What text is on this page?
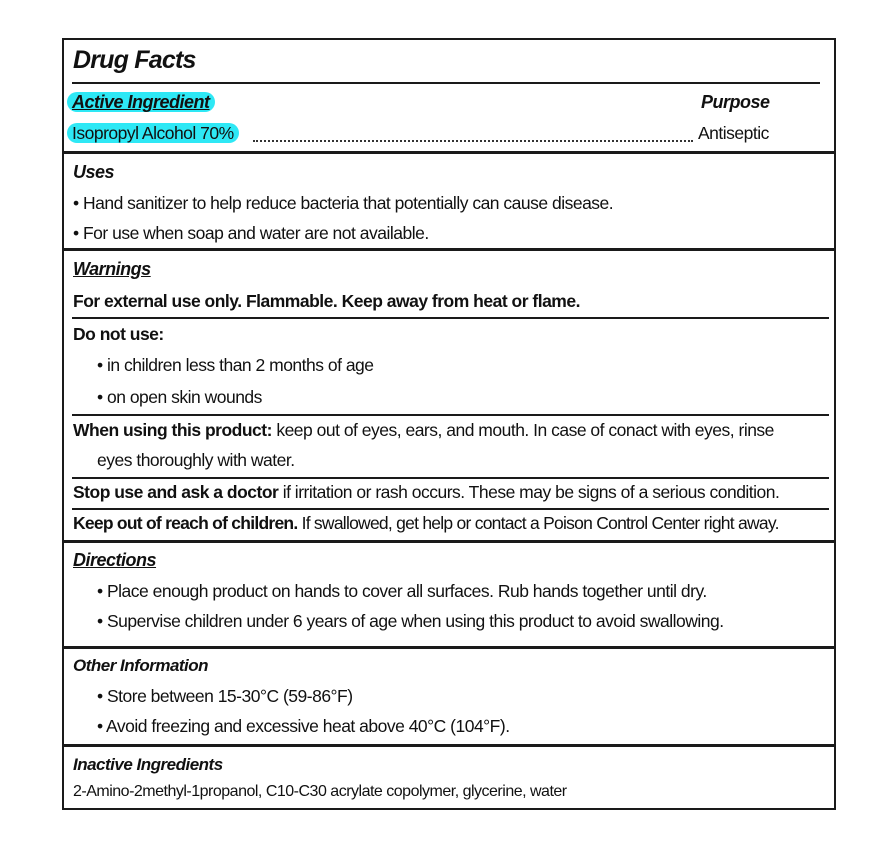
Drug Facts
Active Ingredient	Purpose
Isopropyl Alcohol 70%	Antiseptic
Uses
• Hand sanitizer to help reduce bacteria that potentially can cause disease.
• For use when soap and water are not available.
Warnings
For external use only. Flammable. Keep away from heat or flame.
Do not use:
• in children less than 2 months of age
• on open skin wounds
When using this product: keep out of eyes, ears, and mouth. In case of conact with eyes, rinse
eyes thoroughly with water.
Stop use and ask a doctor if irritation or rash occurs. These may be signs of a serious condition.
Keep out of reach of children. If swallowed, get help or contact a Poison Control Center right away.
Directions
• Place enough product on hands to cover all surfaces. Rub hands together until dry.
• Supervise children under 6 years of age when using this product to avoid swallowing.
Other Information
• Store between 15-30°C (59-86°F)
• Avoid freezing and excessive heat above 40°C (104°F).
Inactive Ingredients
2-Amino-2methyl-1propanol, C10-C30 acrylate copolymer, glycerine, water
